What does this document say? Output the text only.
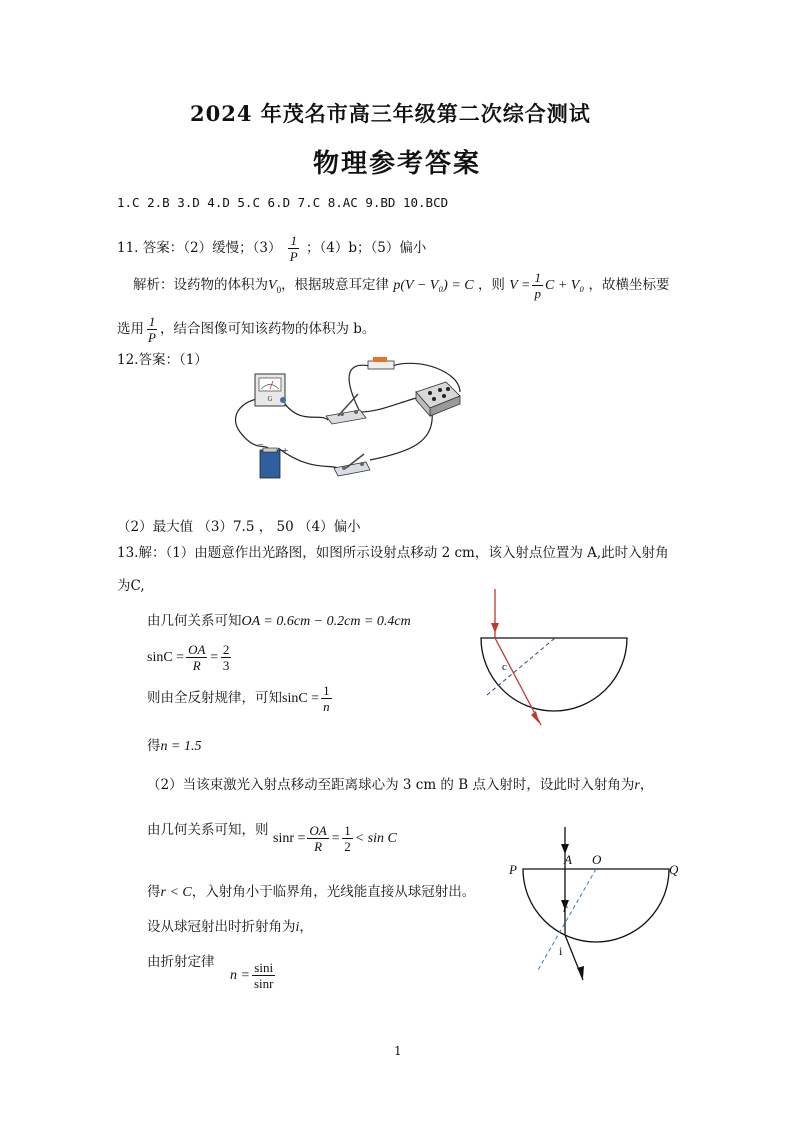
2024 年茂名市高三年级第二次综合测试
物理参考答案
1.C 2.B 3.D 4.D 5.C 6.D 7.C 8.AC 9.BD 10.BCD
11. 答案：（2）缓慢；$(3) \frac{1}{P}$ ；（4）b；（5）偏小
解析：设药物的体积为$V_0$，根据玻意耳定律 p(V − V₀) = C ，则 $V = \frac{1}{p}$ C + V₀ ，故横坐标要
选用 $\frac{1}{P}$ ，结合图像可知该药物的体积为 b。
12.答案：（1）
G
− +
（2）最大值 （3）7.5 ， 50 （4）偏小
13.解：（1）由题意作出光路图，如图所示设射点移动 2 cm，该入射点位置为 A,此时入射角
为C,
由几何关系可知OA = 0.6cm − 0.2cm = 0.4cm
$\sin C = \frac{OA}{R} = \frac{2}{3}$
则由全反射规律，可知$\sin C = \frac{1}{n}$
得n = 1.5
（2）当该束激光入射点移动至距离球心为 3 cm 的 B 点入射时，设此时入射角为r，
由几何关系可知，则
$\sin r = \frac{OA}{R} = \frac{1}{2} < \sin C$
得r < C，入射角小于临界角，光线能直接从球冠射出。
设从球冠射出时折射角为i，
由折射定律
$n = \frac{\sin i}{\sin r}$
c
P
A O
Q
r
i
1
